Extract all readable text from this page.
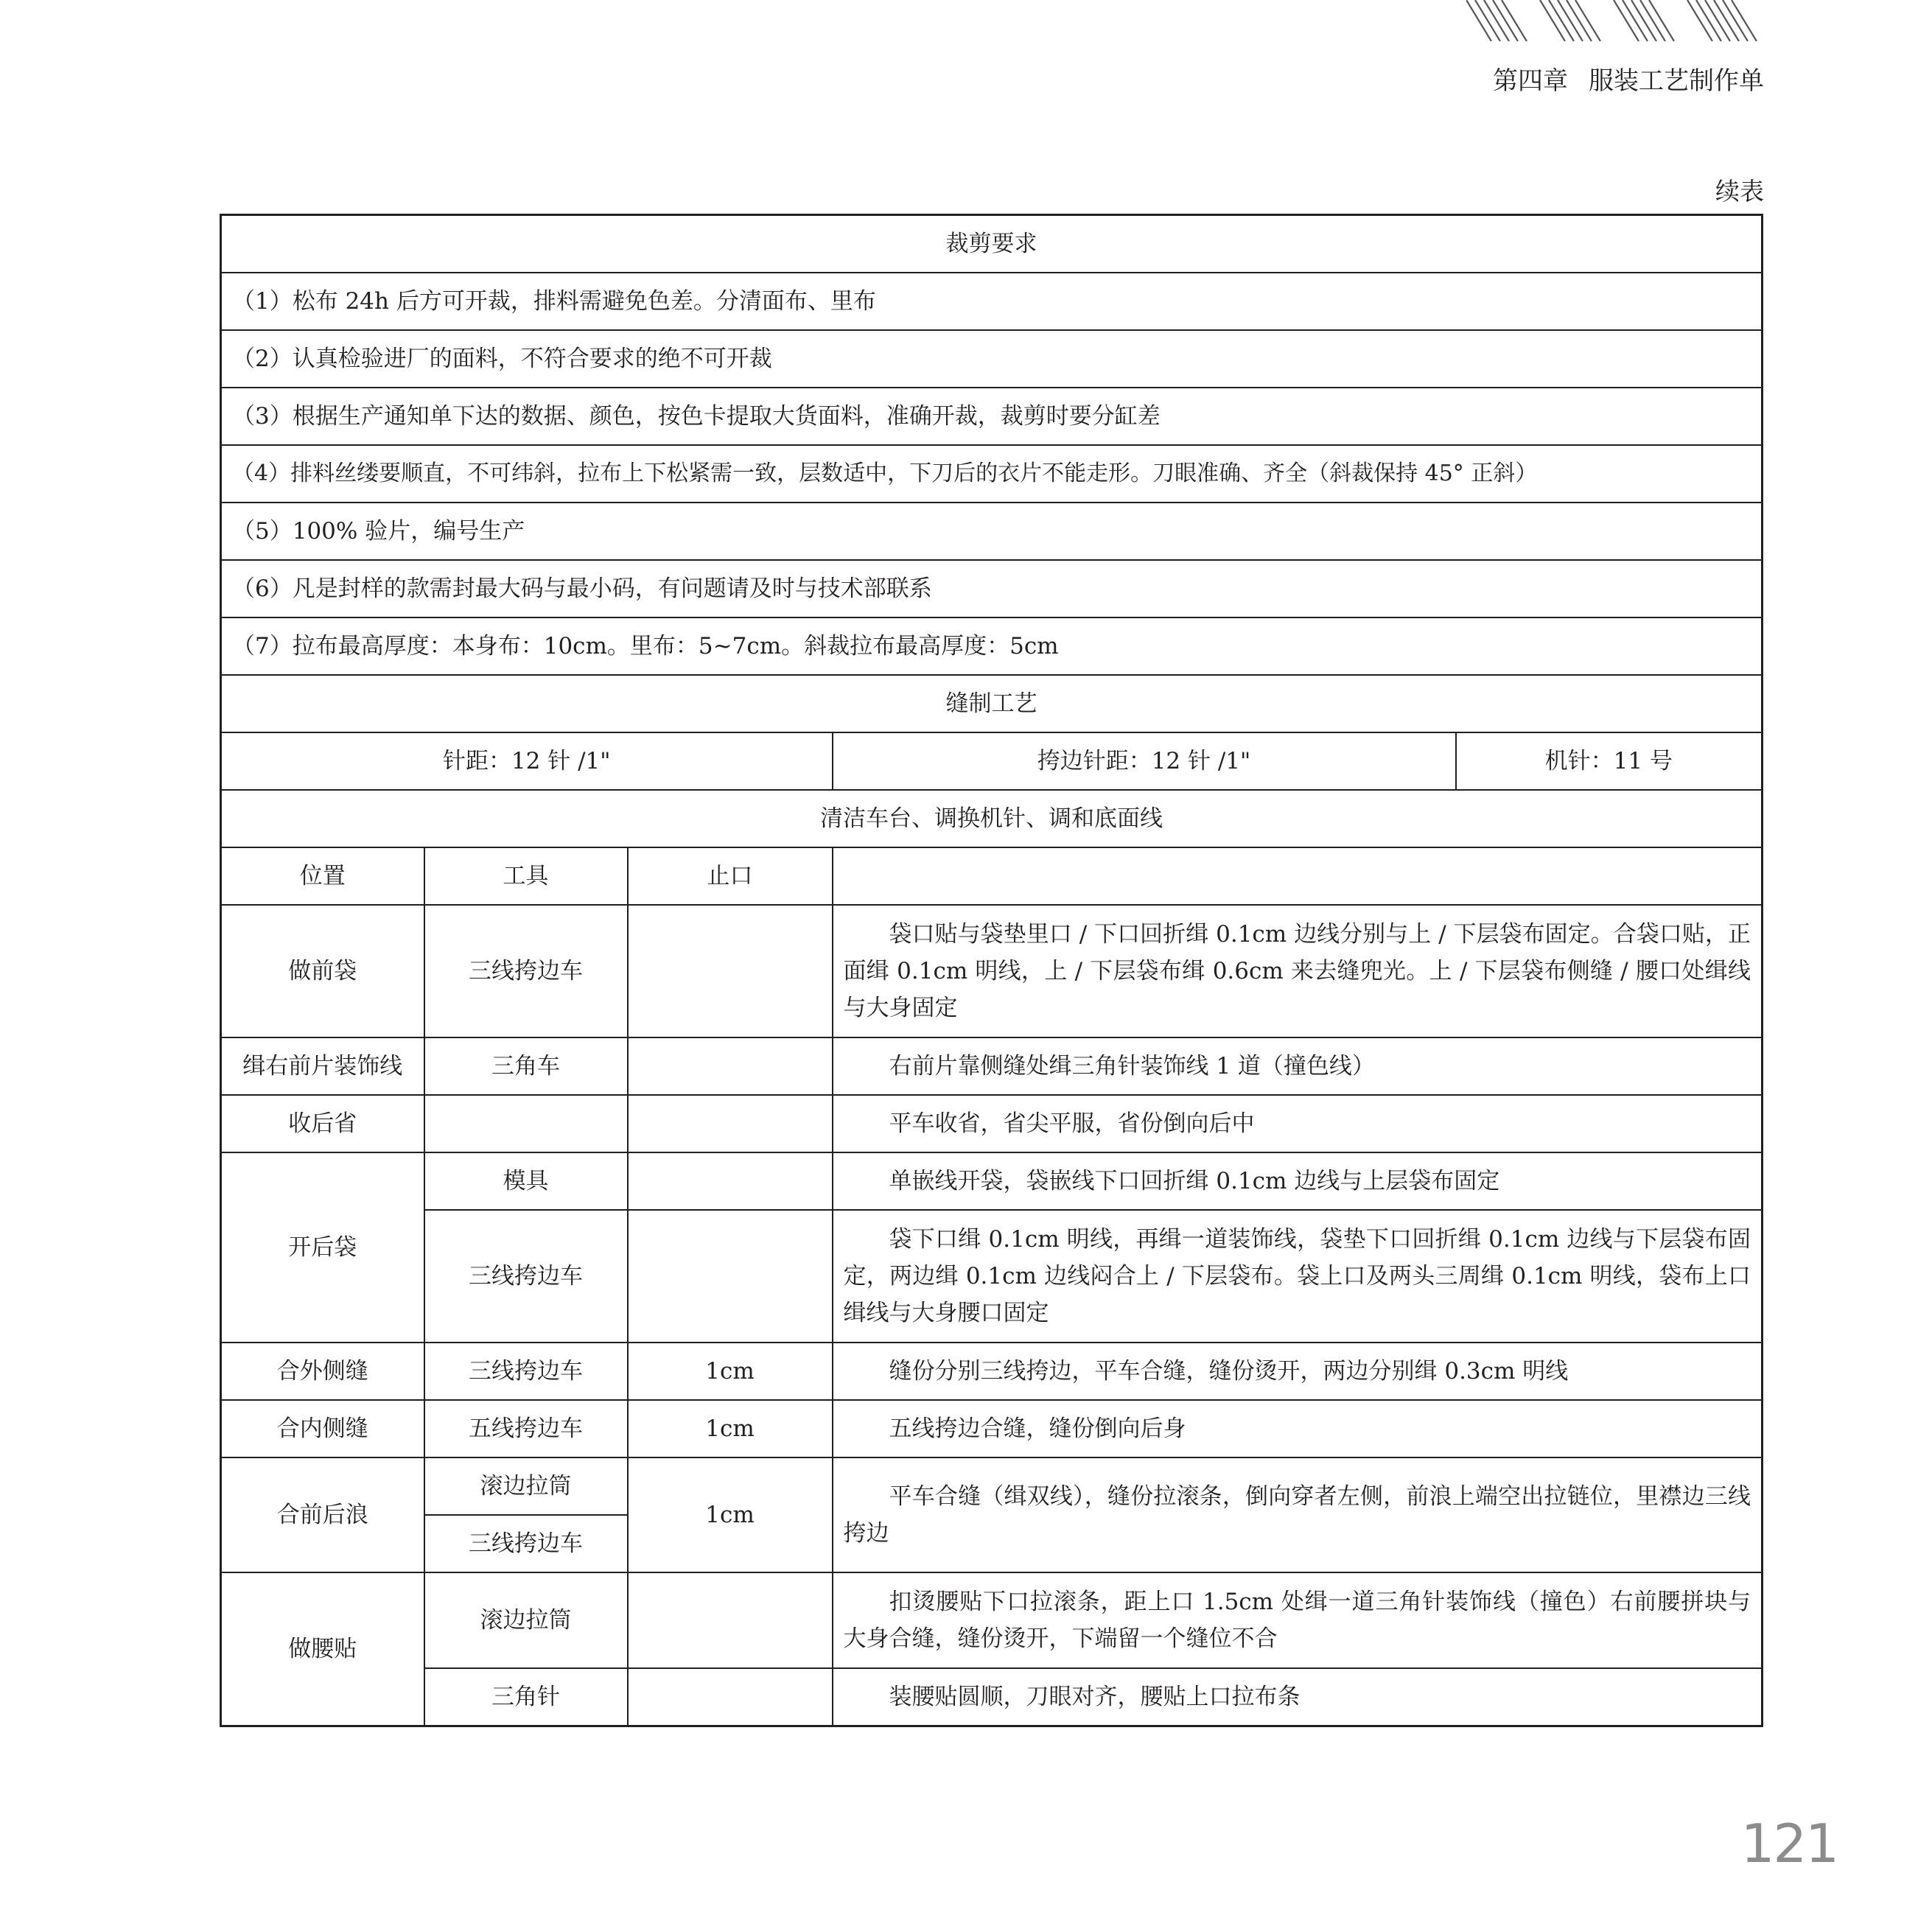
第四章 服装工艺制作单
续表
裁剪要求				
（1）松布 24h 后方可开裁，排料需避免色差。分清面布、里布				
（2）认真检验进厂的面料，不符合要求的绝不可开裁				
（3）根据生产通知单下达的数据、颜色，按色卡提取大货面料，准确开裁，裁剪时要分缸差				
（4）排料丝缕要顺直，不可纬斜，拉布上下松紧需一致，层数适中，下刀后的衣片不能走形。刀眼准确、齐全（斜裁保持 45° 正斜）				
（5）100% 验片，编号生产				
（6）凡是封样的款需封最大码与最小码，有问题请及时与技术部联系				
（7）拉布最高厚度：本身布：10cm。里布：5~7cm。斜裁拉布最高厚度：5cm				
缝制工艺				
针距：12 针 /1"			挎边针距：12 针 /1"	机针：11 号
清洁车台、调换机针、调和底面线				
位置	工具	止口		
做前袋	三线挎边车		袋口贴与袋垫里口 / 下口回折缉 0.1cm 边线分别与上 / 下层袋布固定。合袋口贴，正面缉 0.1cm 明线，上 / 下层袋布缉 0.6cm 来去缝兜光。上 / 下层袋布侧缝 / 腰口处缉线与大身固定	

缉右前片装饰线	三角车		右前片靠侧缝处缉三角针装饰线 1 道（撞色线）	

收后省			平车收省，省尖平服，省份倒向后中	

开后袋	模具		单嵌线开袋，袋嵌线下口回折缉 0.1cm 边线与上层袋布固定	

	三线挎边车		袋下口缉 0.1cm 明线，再缉一道装饰线，袋垫下口回折缉 0.1cm 边线与下层袋布固定，两边缉 0.1cm 边线闷合上 / 下层袋布。袋上口及两头三周缉 0.1cm 明线，袋布上口缉线与大身腰口固定	

合外侧缝	三线挎边车	1cm	缝份分别三线挎边，平车合缝，缝份烫开，两边分别缉 0.3cm 明线	

合内侧缝	五线挎边车	1cm	五线挎边合缝，缝份倒向后身	

合前后浪	滚边拉筒	1cm	平车合缝（缉双线），缝份拉滚条，倒向穿者左侧，前浪上端空出拉链位，里襟边三线挎边	

	三线挎边车			
做腰贴	滚边拉筒		扣烫腰贴下口拉滚条，距上口 1.5cm 处缉一道三角针装饰线（撞色）右前腰拼块与大身合缝，缝份烫开，下端留一个缝位不合	

	三角针		装腰贴圆顺，刀眼对齐，腰贴上口拉布条	
121
